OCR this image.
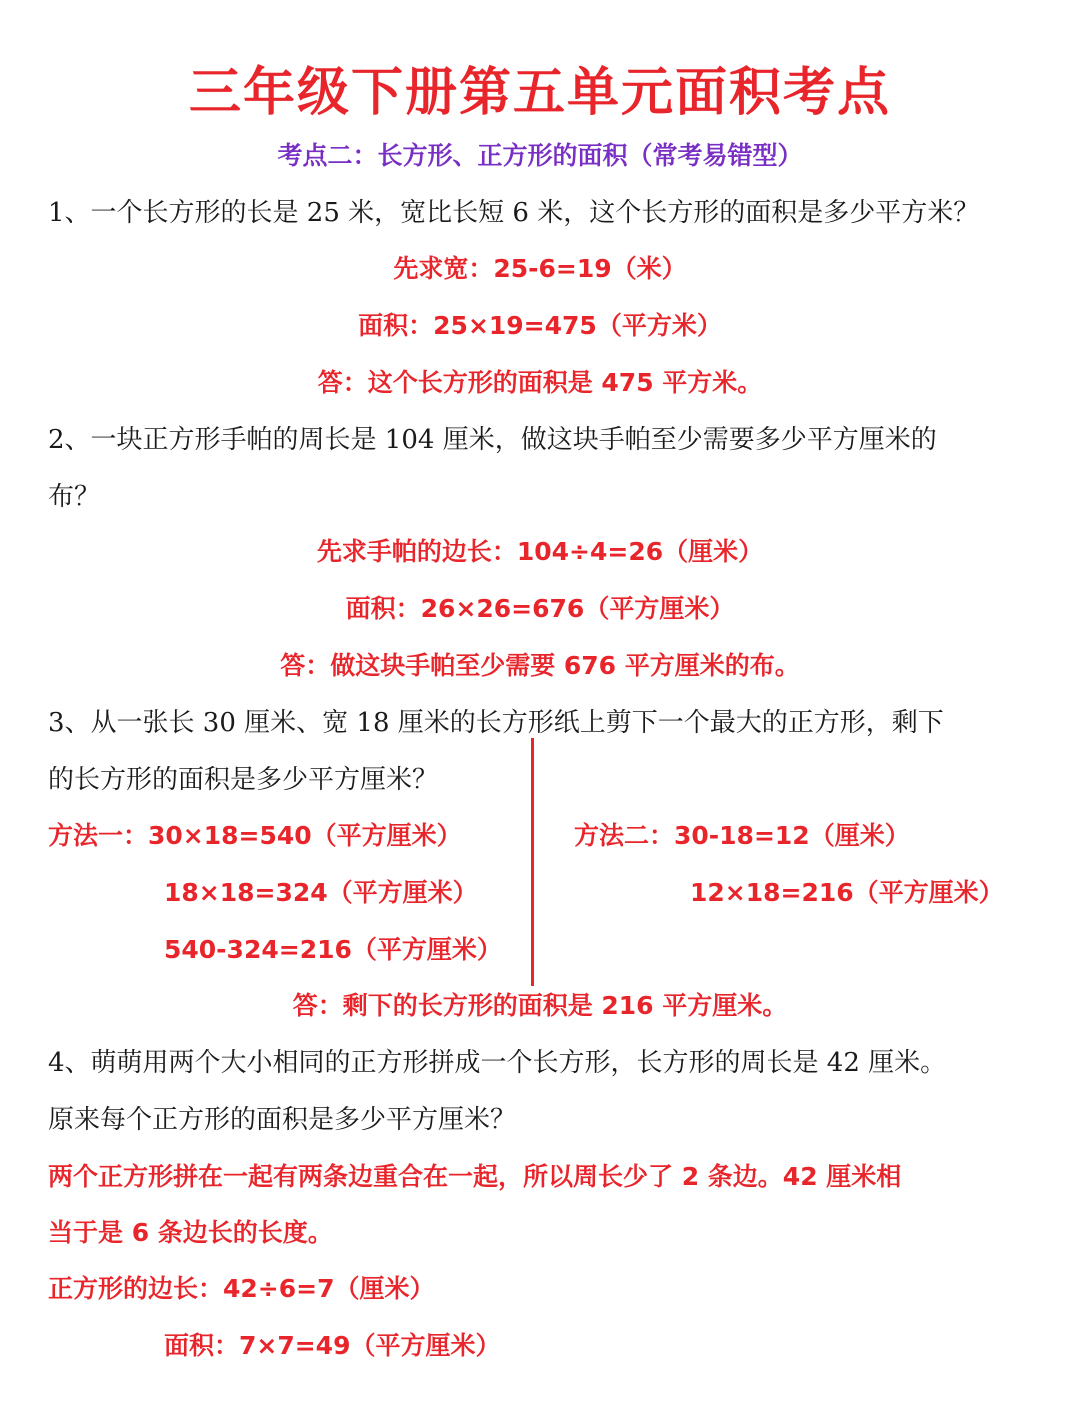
三年级下册第五单元面积考点
考点二：长方形、正方形的面积（常考易错型）
1、一个长方形的长是 25 米，宽比长短 6 米，这个长方形的面积是多少平方米？
先求宽：25-6=19（米）
面积：25×19=475（平方米）
答：这个长方形的面积是 475 平方米。
2、一块正方形手帕的周长是 104 厘米，做这块手帕至少需要多少平方厘米的
布？
先求手帕的边长：104÷4=26（厘米）
面积：26×26=676（平方厘米）
答：做这块手帕至少需要 676 平方厘米的布。
3、从一张长 30 厘米、宽 18 厘米的长方形纸上剪下一个最大的正方形，剩下
的长方形的面积是多少平方厘米？
方法一：30×18=540（平方厘米）
18×18=324（平方厘米）
540-324=216（平方厘米）
方法二：30-18=12（厘米）
12×18=216（平方厘米）
答：剩下的长方形的面积是 216 平方厘米。
4、萌萌用两个大小相同的正方形拼成一个长方形，长方形的周长是 42 厘米。
原来每个正方形的面积是多少平方厘米？
两个正方形拼在一起有两条边重合在一起，所以周长少了 2 条边。42 厘米相
当于是 6 条边长的长度。
正方形的边长：42÷6=7（厘米）
面积：7×7=49（平方厘米）
